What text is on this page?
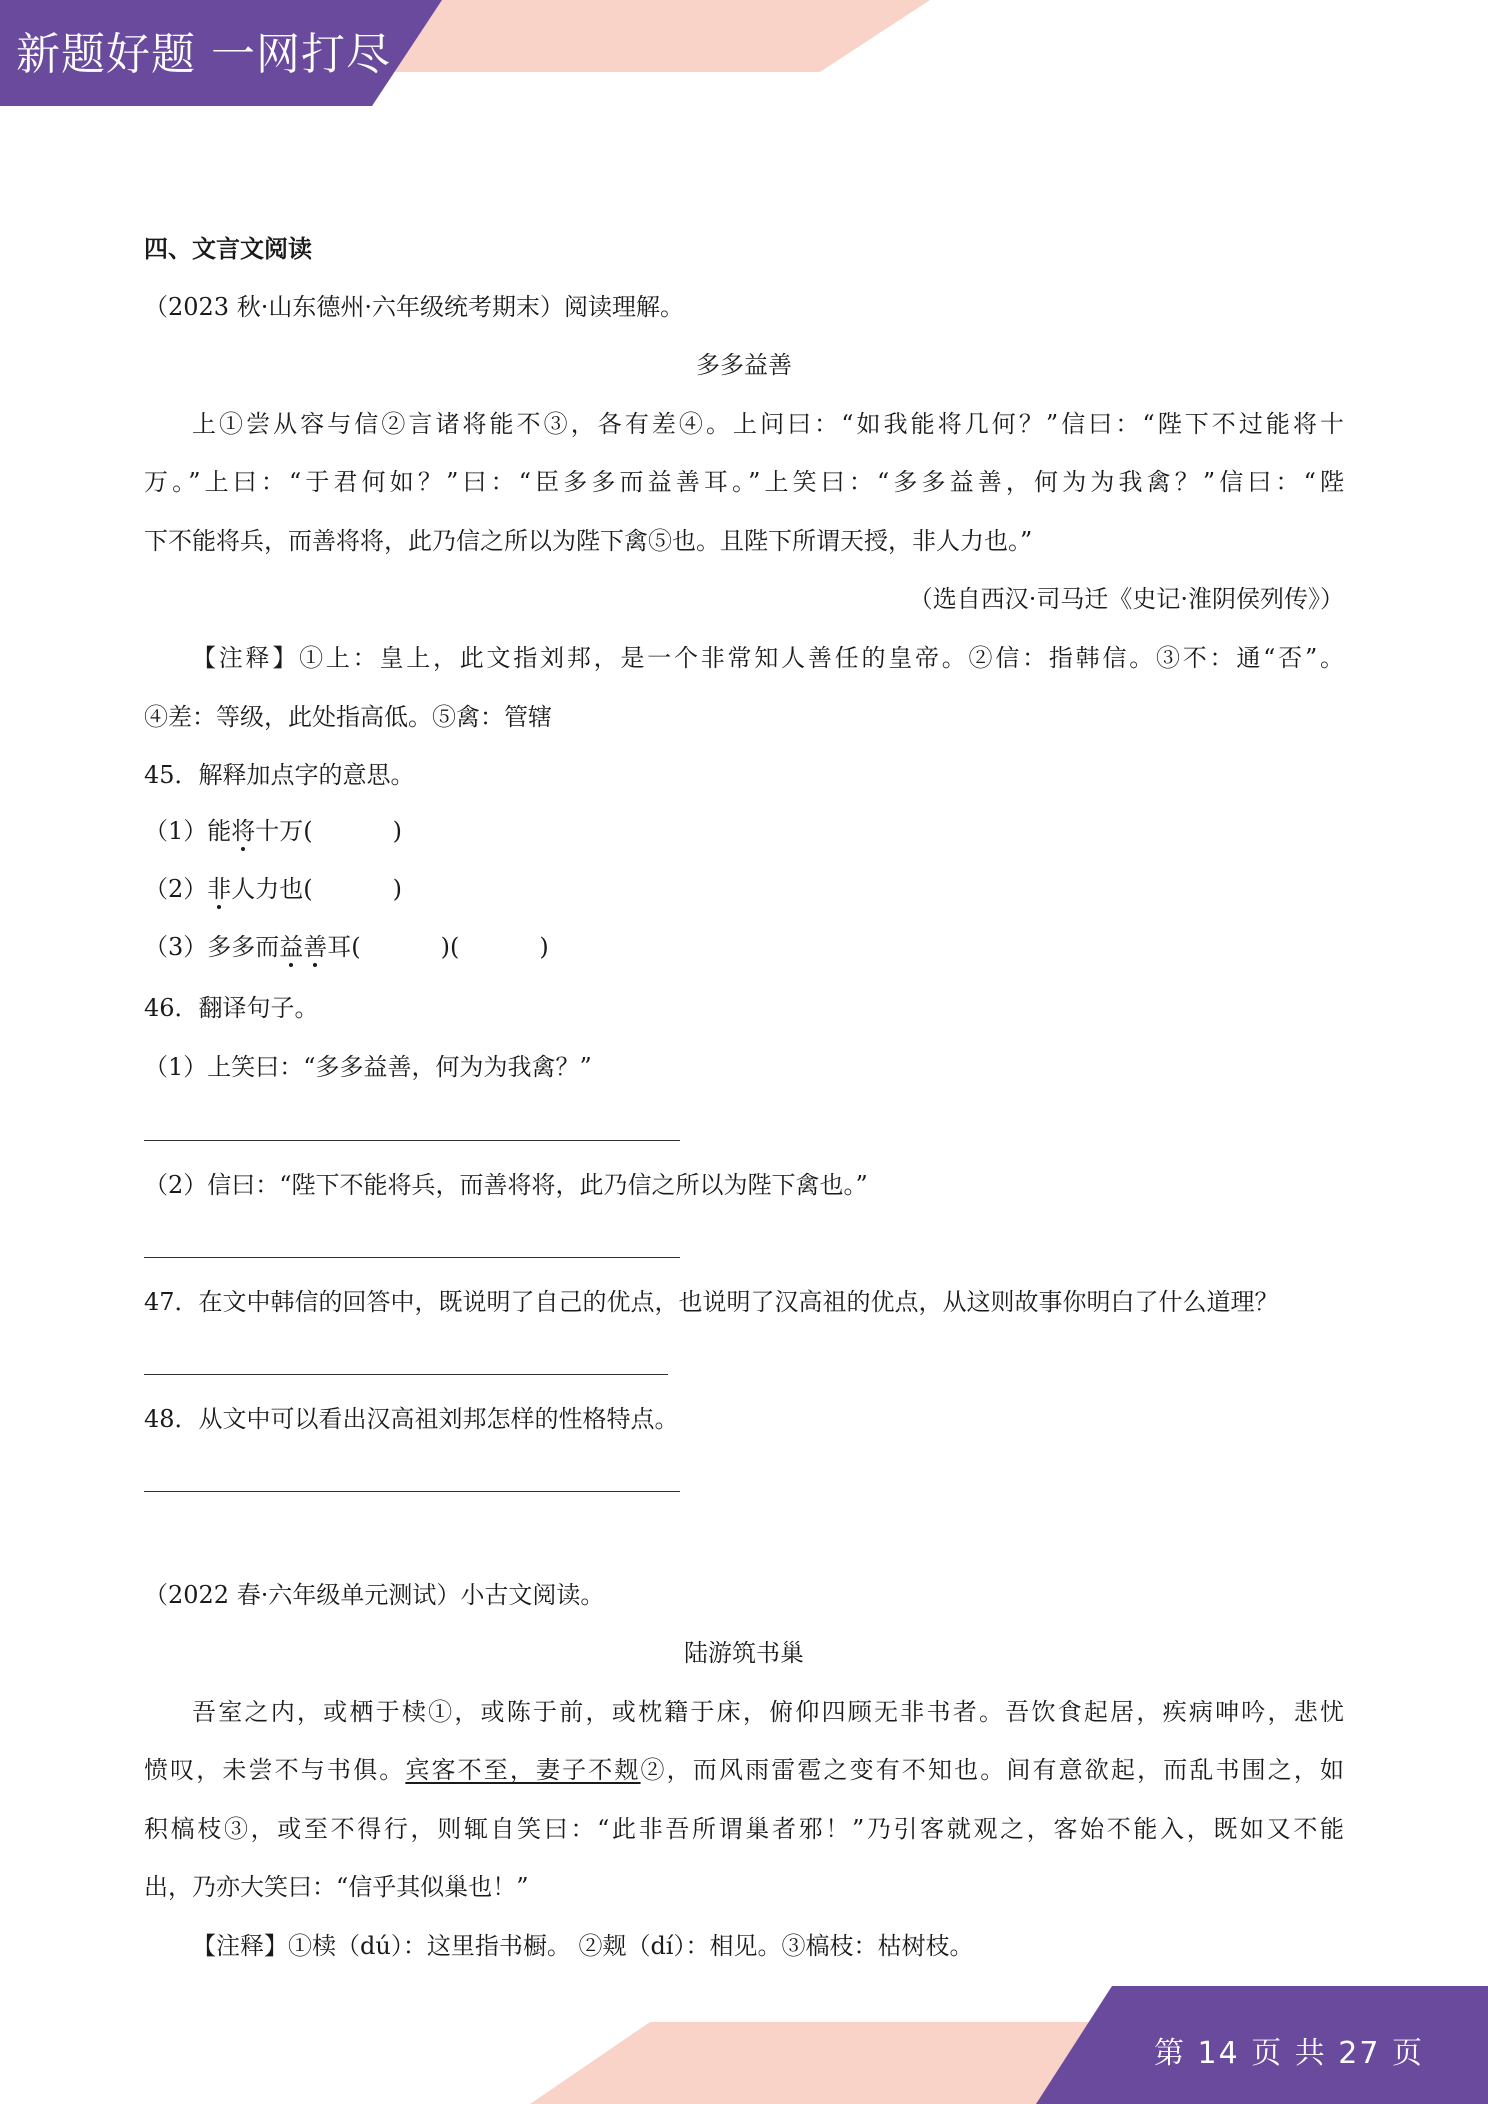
新题好题 一网打尽
四、文言文阅读
（2023 秋·山东德州·六年级统考期末）阅读理解。
多多益善
上①尝从容与信②言诸将能不③，各有差④。上问曰：“如我能将几何？”信曰：“陛下不过能将十
万。”上曰：“于君何如？”曰：“臣多多而益善耳。”上笑曰：“多多益善，何为为我禽？”信曰：“陛
下不能将兵，而善将将，此乃信之所以为陛下禽⑤也。且陛下所谓天授，非人力也。”
（选自西汉·司马迁《史记·淮阴侯列传》）
【注释】①上：皇上，此文指刘邦，是一个非常知人善任的皇帝。②信：指韩信。③不：通“否”。
④差：等级，此处指高低。⑤禽：管辖
45．解释加点字的意思。
（1）能将十万(	)
（2）非人力也(	)
（3）多多而益善耳(	)(	)
46．翻译句子。
（1）上笑曰：“多多益善，何为为我禽？”
（2）信曰：“陛下不能将兵，而善将将，此乃信之所以为陛下禽也。”
47．在文中韩信的回答中，既说明了自己的优点，也说明了汉高祖的优点，从这则故事你明白了什么道理？
48．从文中可以看出汉高祖刘邦怎样的性格特点。
（2022 春·六年级单元测试）小古文阅读。
陆游筑书巢
吾室之内，或栖于椟①，或陈于前，或枕籍于床，俯仰四顾无非书者。吾饮食起居，疾病呻吟，悲忧
愤叹，未尝不与书俱。宾客不至，妻子不觌②，而风雨雷雹之变有不知也。间有意欲起，而乱书围之，如
积槁枝③，或至不得行，则辄自笑曰：“此非吾所谓巢者邪！”乃引客就观之，客始不能入，既如又不能
出，乃亦大笑曰：“信乎其似巢也！”
【注释】①椟（dú）：这里指书橱。 ②觌（dí）：相见。③槁枝：枯树枝。
第 14 页 共 27 页
